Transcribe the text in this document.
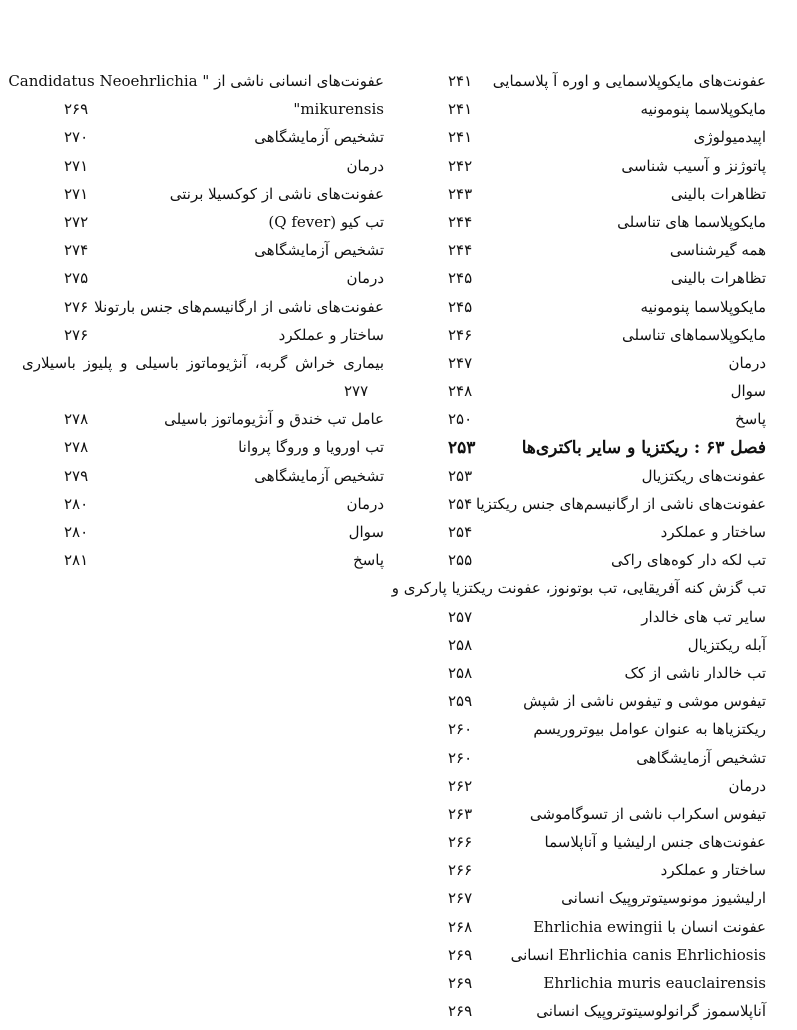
عفونت‌های مایکوپلاسمایی و اوره آ پلاسمایی
۲۴۱
مایکوپلاسما پنومونیه
۲۴۱
اپیدمیولوژی
۲۴۱
پاتوژنز و آسیب شناسی
۲۴۲
تظاهرات بالینی
۲۴۳
مایکوپلاسما های تناسلی
۲۴۴
همه گیرشناسی
۲۴۴
تظاهرات بالینی
۲۴۵
مایکوپلاسما پنومونیه
۲۴۵
مایکوپلاسماهای تناسلی
۲۴۶
درمان
۲۴۷
سوال
۲۴۸
پاسخ
۲۵۰
فصل ۶۳ : ریکتزیا و سایر باکتری‌ها
۲۵۳
عفونت‌های ریکتزیال
۲۵۳
عفونت‌های ناشی از ارگانیسم‌های جنس ریکتزیا
۲۵۴
ساختار و عملکرد
۲۵۴
تب لکه دار کوه‌های راکی
۲۵۵
تب گزش کنه آفریقایی، تب بوتونوز، عفونت ریکتزیا پارکری و
سایر تب های خالدار
۲۵۷
آبله ریکتزیال
۲۵۸
تب خالدار ناشی از کک
۲۵۸
تیفوس موشی و تیفوس ناشی از شپش
۲۵۹
ریکتزیاها به عنوان عوامل بیوتروریسم
۲۶۰
تشخیص آزمایشگاهی
۲۶۰
درمان
۲۶۲
تیفوس اسکراب ناشی از تسوگاموشی
۲۶۳
عفونت‌های جنس ارلیشیا و آناپلاسما
۲۶۶
ساختار و عملکرد
۲۶۶
ارلیشیوز مونوسیتوتروپیک انسانی
۲۶۷
عفونت انسان با Ehrlichia ewingii
۲۶۸
Ehrlichia canis Ehrlichiosis انسانی
۲۶۹
Ehrlichia muris eauclairensis
۲۶۹
آناپلاسموز گرانولوسیتوتروپیک انسانی
۲۶۹
عفونت‌های انسانی ناشی از " Candidatus Neoehrlichia
mikurensis"
۲۶۹
تشخیص آزمایشگاهی
۲۷۰
درمان
۲۷۱
عفونت‌های ناشی از کوکسیلا برنتی
۲۷۱
تب کیو (Q fever)
۲۷۲
تشخیص آزمایشگاهی
۲۷۴
درمان
۲۷۵
عفونت‌های ناشی از ارگانیسم‌های جنس بارتونلا
۲۷۶
ساختار و عملکرد
۲۷۶
بیماری خراش گربه، آنژیوماتوز باسیلی و پلیوز باسیلاری
۲۷۷
عامل تب خندق و آنژیوماتوز باسیلی
۲۷۸
تب اورویا و وروگا پروانا
۲۷۸
تشخیص آزمایشگاهی
۲۷۹
درمان
۲۸۰
سوال
۲۸۰
پاسخ
۲۸۱
